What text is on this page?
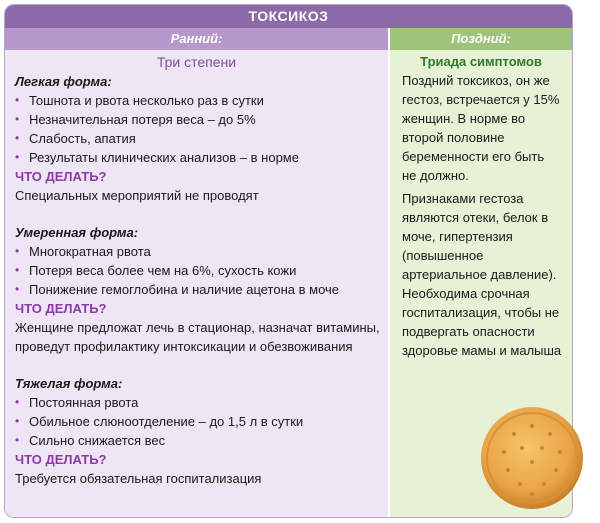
ТОКСИКОЗ
Ранний:
Три степени
Легкая форма:
• Тошнота и рвота несколько раз в сутки
• Незначительная потеря веса – до 5%
• Слабость, апатия
• Результаты клинических анализов – в норме
ЧТО ДЕЛАТЬ?
Специальных мероприятий не проводят
Умеренная форма:
• Многократная рвота
• Потеря веса более чем на 6%, сухость кожи
• Понижение гемоглобина и наличие ацетона в моче
ЧТО ДЕЛАТЬ?
Женщине предложат лечь в стационар, назначат витамины, проведут профилактику интоксикации и обезвоживания
Тяжелая форма:
• Постоянная рвота
• Обильное слюноотделение – до 1,5 л в сутки
• Сильно снижается вес
ЧТО ДЕЛАТЬ?
Требуется обязательная госпитализация
Поздний:
Триада симптомов

Поздний токсикоз, он же гестоз, встречается у 15% женщин. В норме во второй половине беременности его быть не должно.

Признаками гестоза являются отеки, белок в моче, гипертензия (повышенное артериальное давление). Необходима срочная госпитализация, чтобы не подвергать опасности здоровье мамы и малыша
